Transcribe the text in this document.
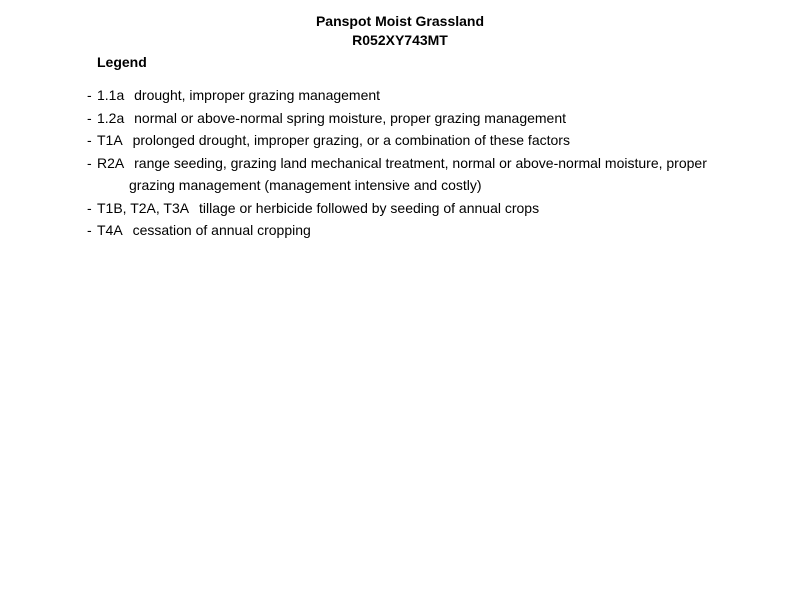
Panspot Moist Grassland
R052XY743MT
Legend
- 1.1a drought, improper grazing management
- 1.2a normal or above-normal spring moisture, proper grazing management
- T1A prolonged drought, improper grazing, or a combination of these factors
- R2A range seeding, grazing land mechanical treatment, normal or above-normal moisture, proper grazing management (management intensive and costly)
- T1B, T2A, T3A tillage or herbicide followed by seeding of annual crops
- T4A cessation of annual cropping
